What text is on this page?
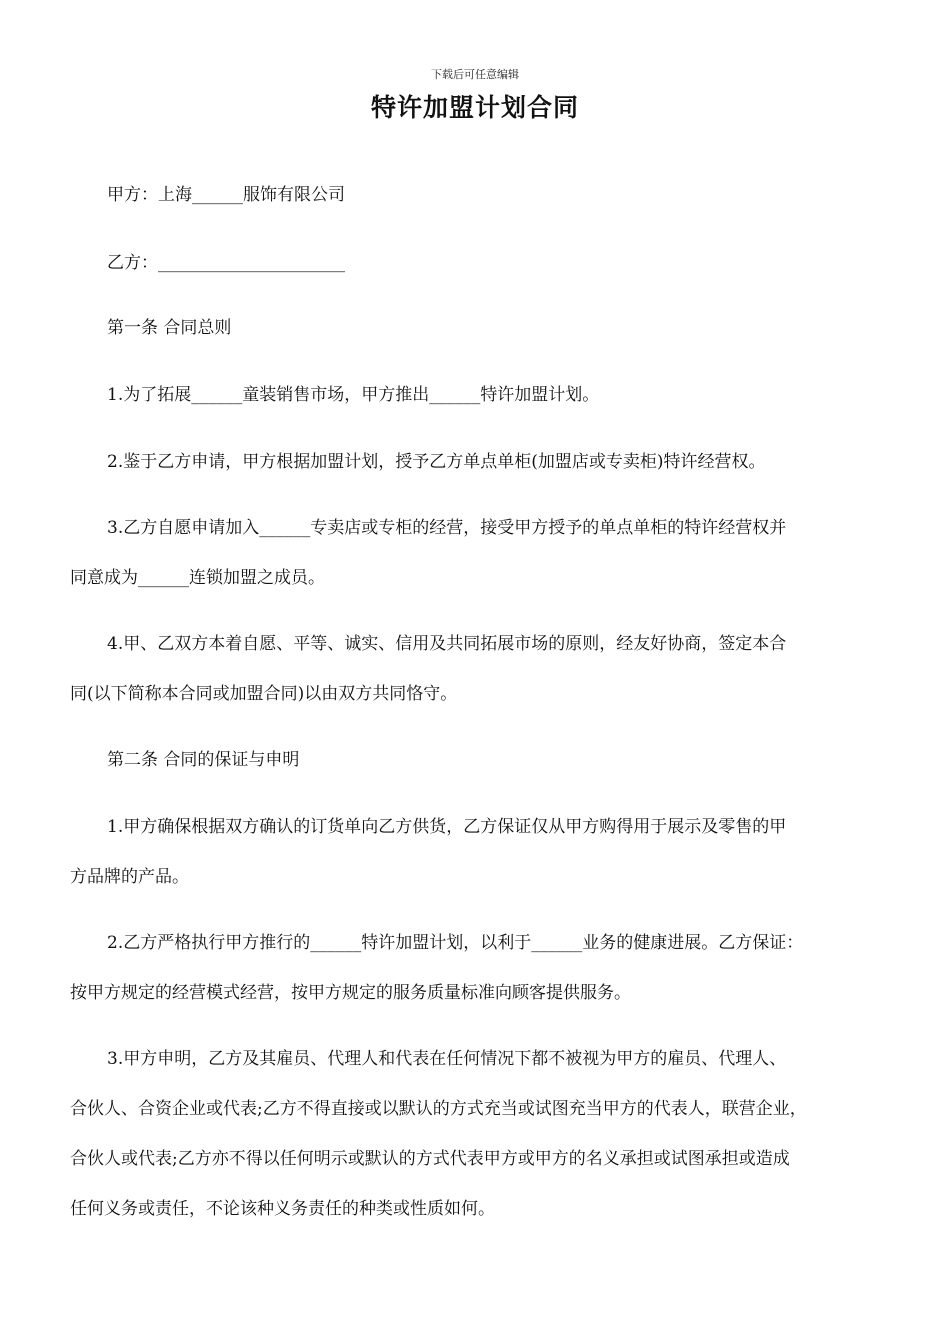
下载后可任意编辑
特许加盟计划合同
甲方：上海______服饰有限公司
乙方：______________________
第一条 合同总则
1.为了拓展______童装销售市场，甲方推出______特许加盟计划。
2.鉴于乙方申请，甲方根据加盟计划，授予乙方单点单柜(加盟店或专卖柜)特许经营权。
3.乙方自愿申请加入______专卖店或专柜的经营，接受甲方授予的单点单柜的特许经营权并
同意成为______连锁加盟之成员。
4.甲、乙双方本着自愿、平等、诚实、信用及共同拓展市场的原则，经友好协商，签定本合
同(以下简称本合同或加盟合同)以由双方共同恪守。
第二条 合同的保证与申明
1.甲方确保根据双方确认的订货单向乙方供货，乙方保证仅从甲方购得用于展示及零售的甲
方品牌的产品。
2.乙方严格执行甲方推行的______特许加盟计划，以利于______业务的健康进展。乙方保证：
按甲方规定的经营模式经营，按甲方规定的服务质量标准向顾客提供服务。
3.甲方申明，乙方及其雇员、代理人和代表在任何情况下都不被视为甲方的雇员、代理人、
合伙人、合资企业或代表;乙方不得直接或以默认的方式充当或试图充当甲方的代表人，联营企业，
合伙人或代表;乙方亦不得以任何明示或默认的方式代表甲方或甲方的名义承担或试图承担或造成
任何义务或责任，不论该种义务责任的种类或性质如何。
